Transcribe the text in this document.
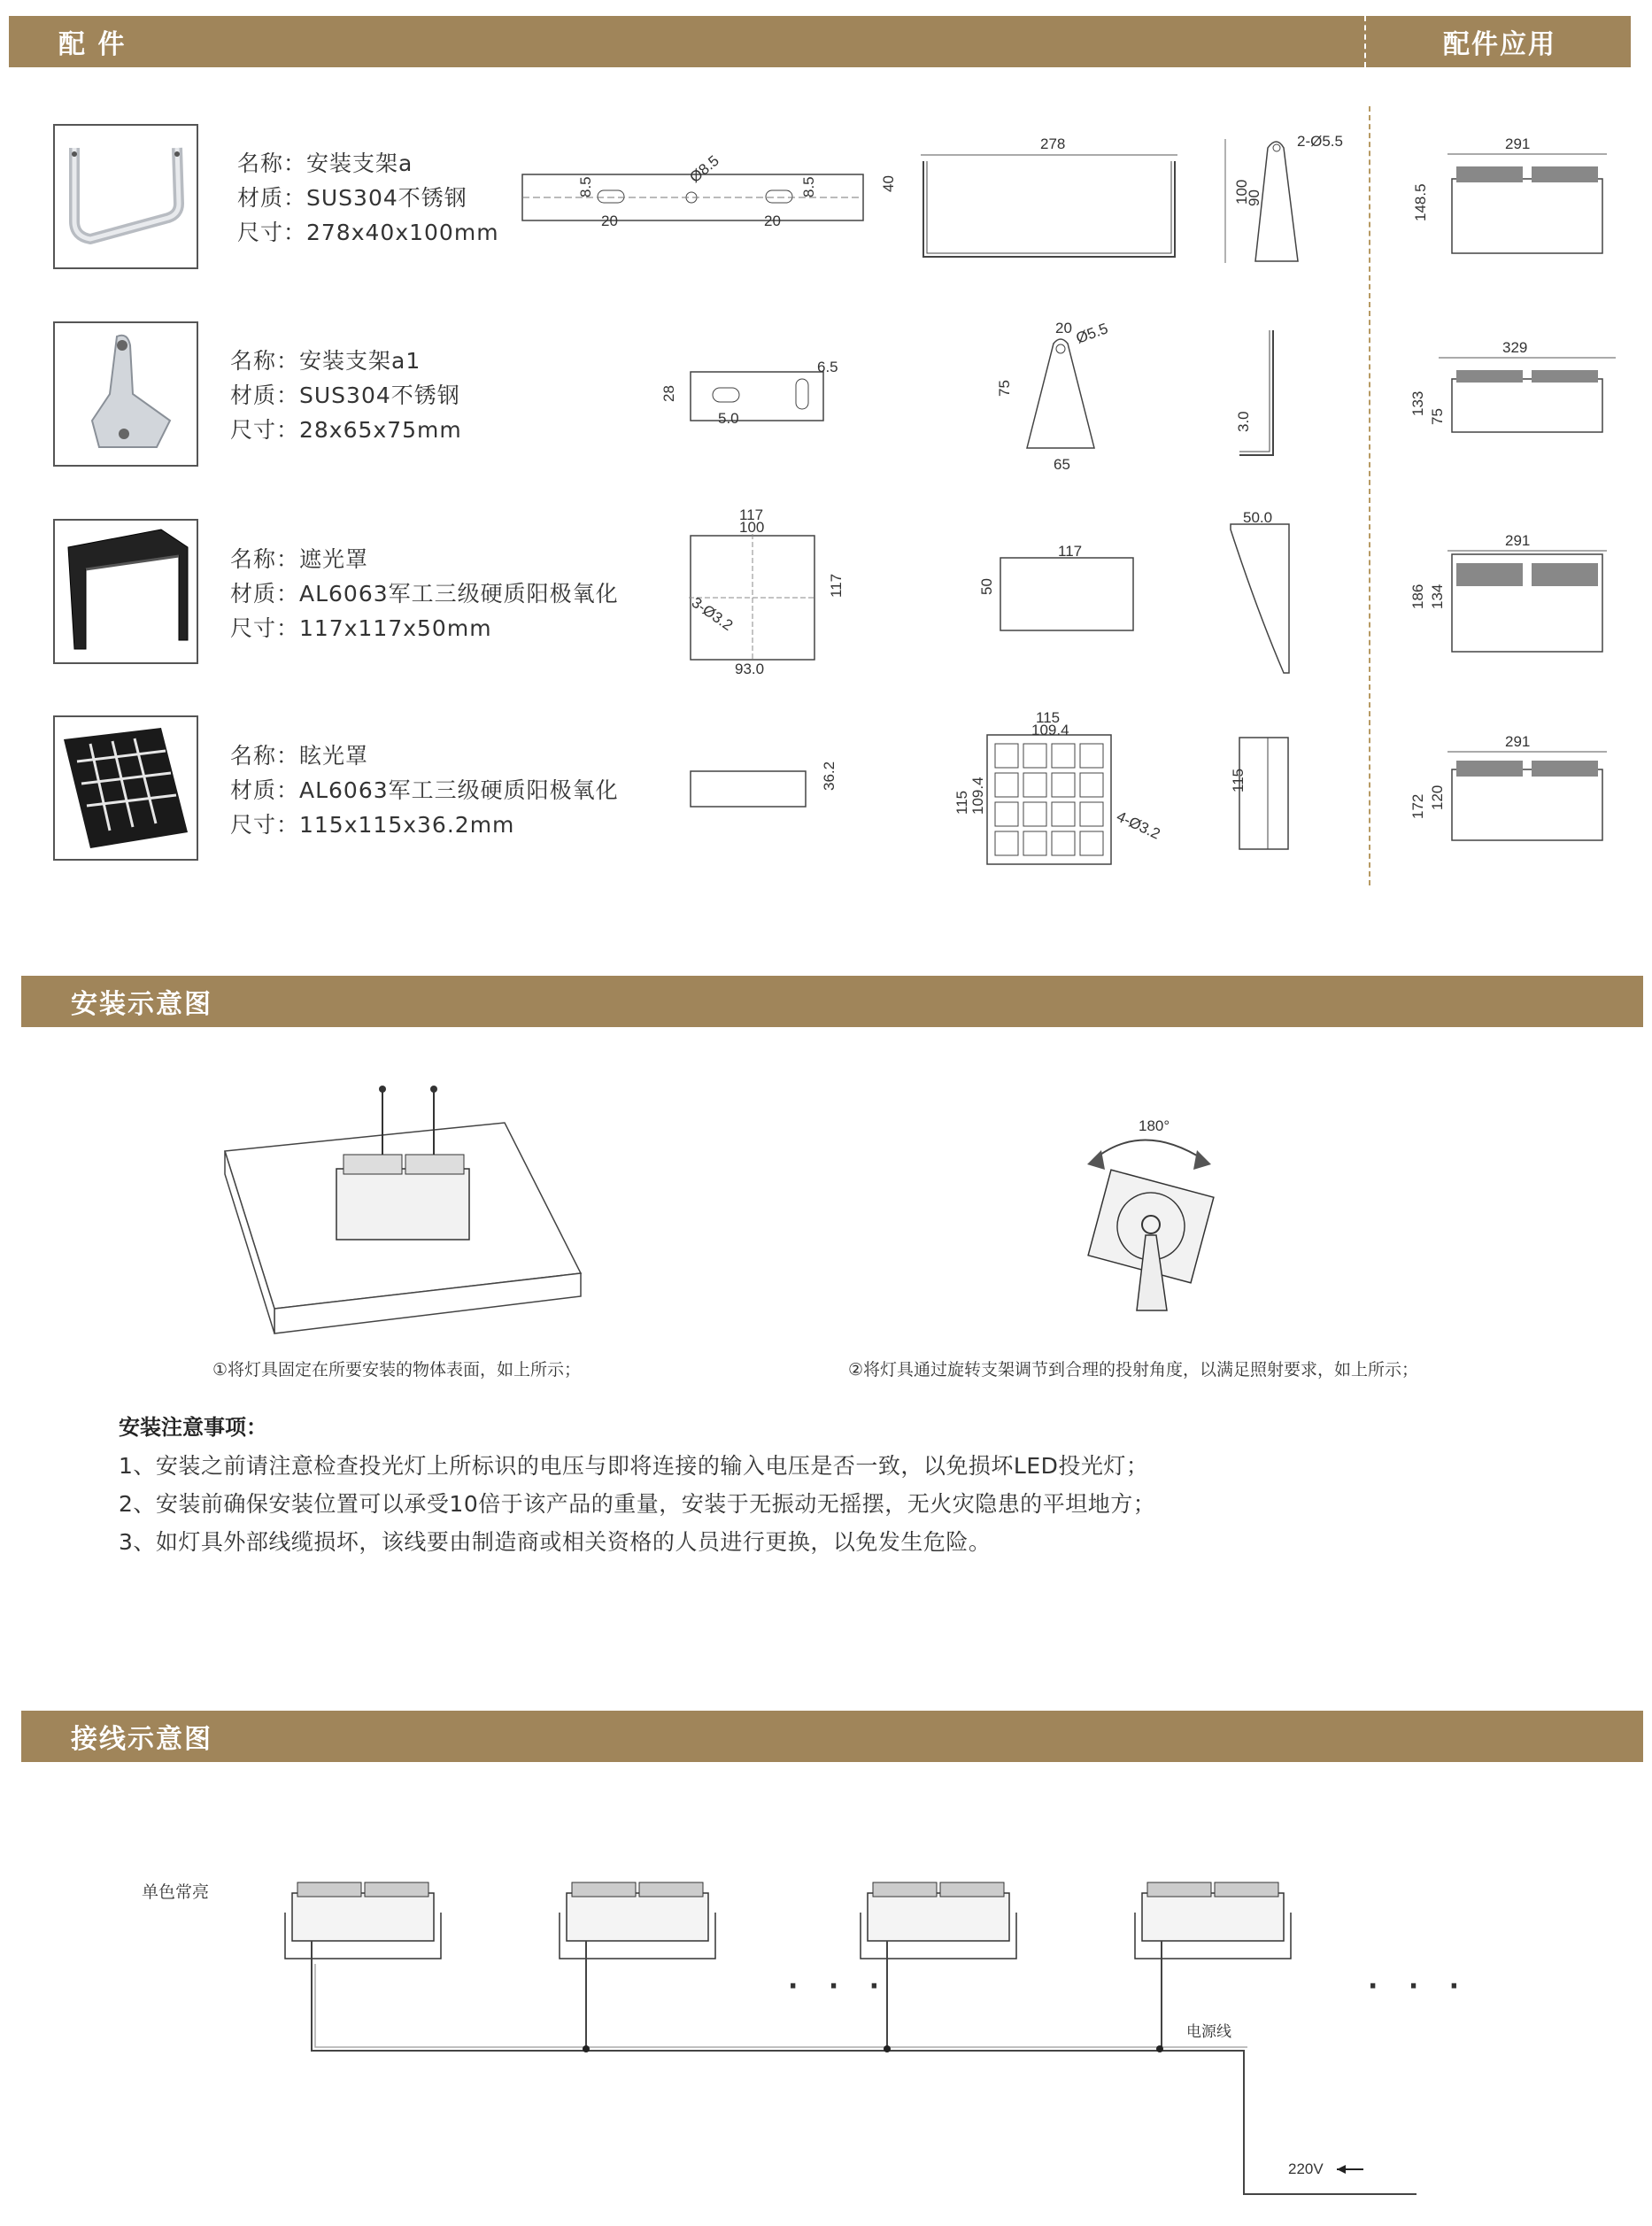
配 件	配件应用
名称：安装支架a
材质：SUS304不锈钢
尺寸：278x40x100mm
8.5
20
Ø8.5
20
8.5	40
278	2-Ø5.5
100
90
名称：安装支架a1
材质：SUS304不锈钢
尺寸：28x65x75mm
28
5.0
6.5
20 Ø5.5
75
65
3.0
名称：遮光罩
材质：AL6063军工三级硬质阳极氧化
尺寸：117x117x50mm
117
100
117
3-Ø3.2
93.0
117
50
50.0
名称：眩光罩
材质：AL6063军工三级硬质阳极氧化
尺寸：115x115x36.2mm
36.2
115
109.4
115 109.4
4-Ø3.2
115
291
148.5
329
133
75
291
186 134
291
172 120
安装示意图
180°
①将灯具固定在所要安装的物体表面，如上所示；	②将灯具通过旋转支架调节到合理的投射角度，以满足照射要求，如上所示；
安装注意事项：
1、安装之前请注意检查投光灯上所标识的电压与即将连接的输入电压是否一致，以免损坏LED投光灯；
2、安装前确保安装位置可以承受10倍于该产品的重量，安装于无振动无摇摆，无火灾隐患的平坦地方；
3、如灯具外部线缆损坏，该线要由制造商或相关资格的人员进行更换，以免发生危险。
接线示意图
单色常亮
电源线
220V
· · ·	· · ·
